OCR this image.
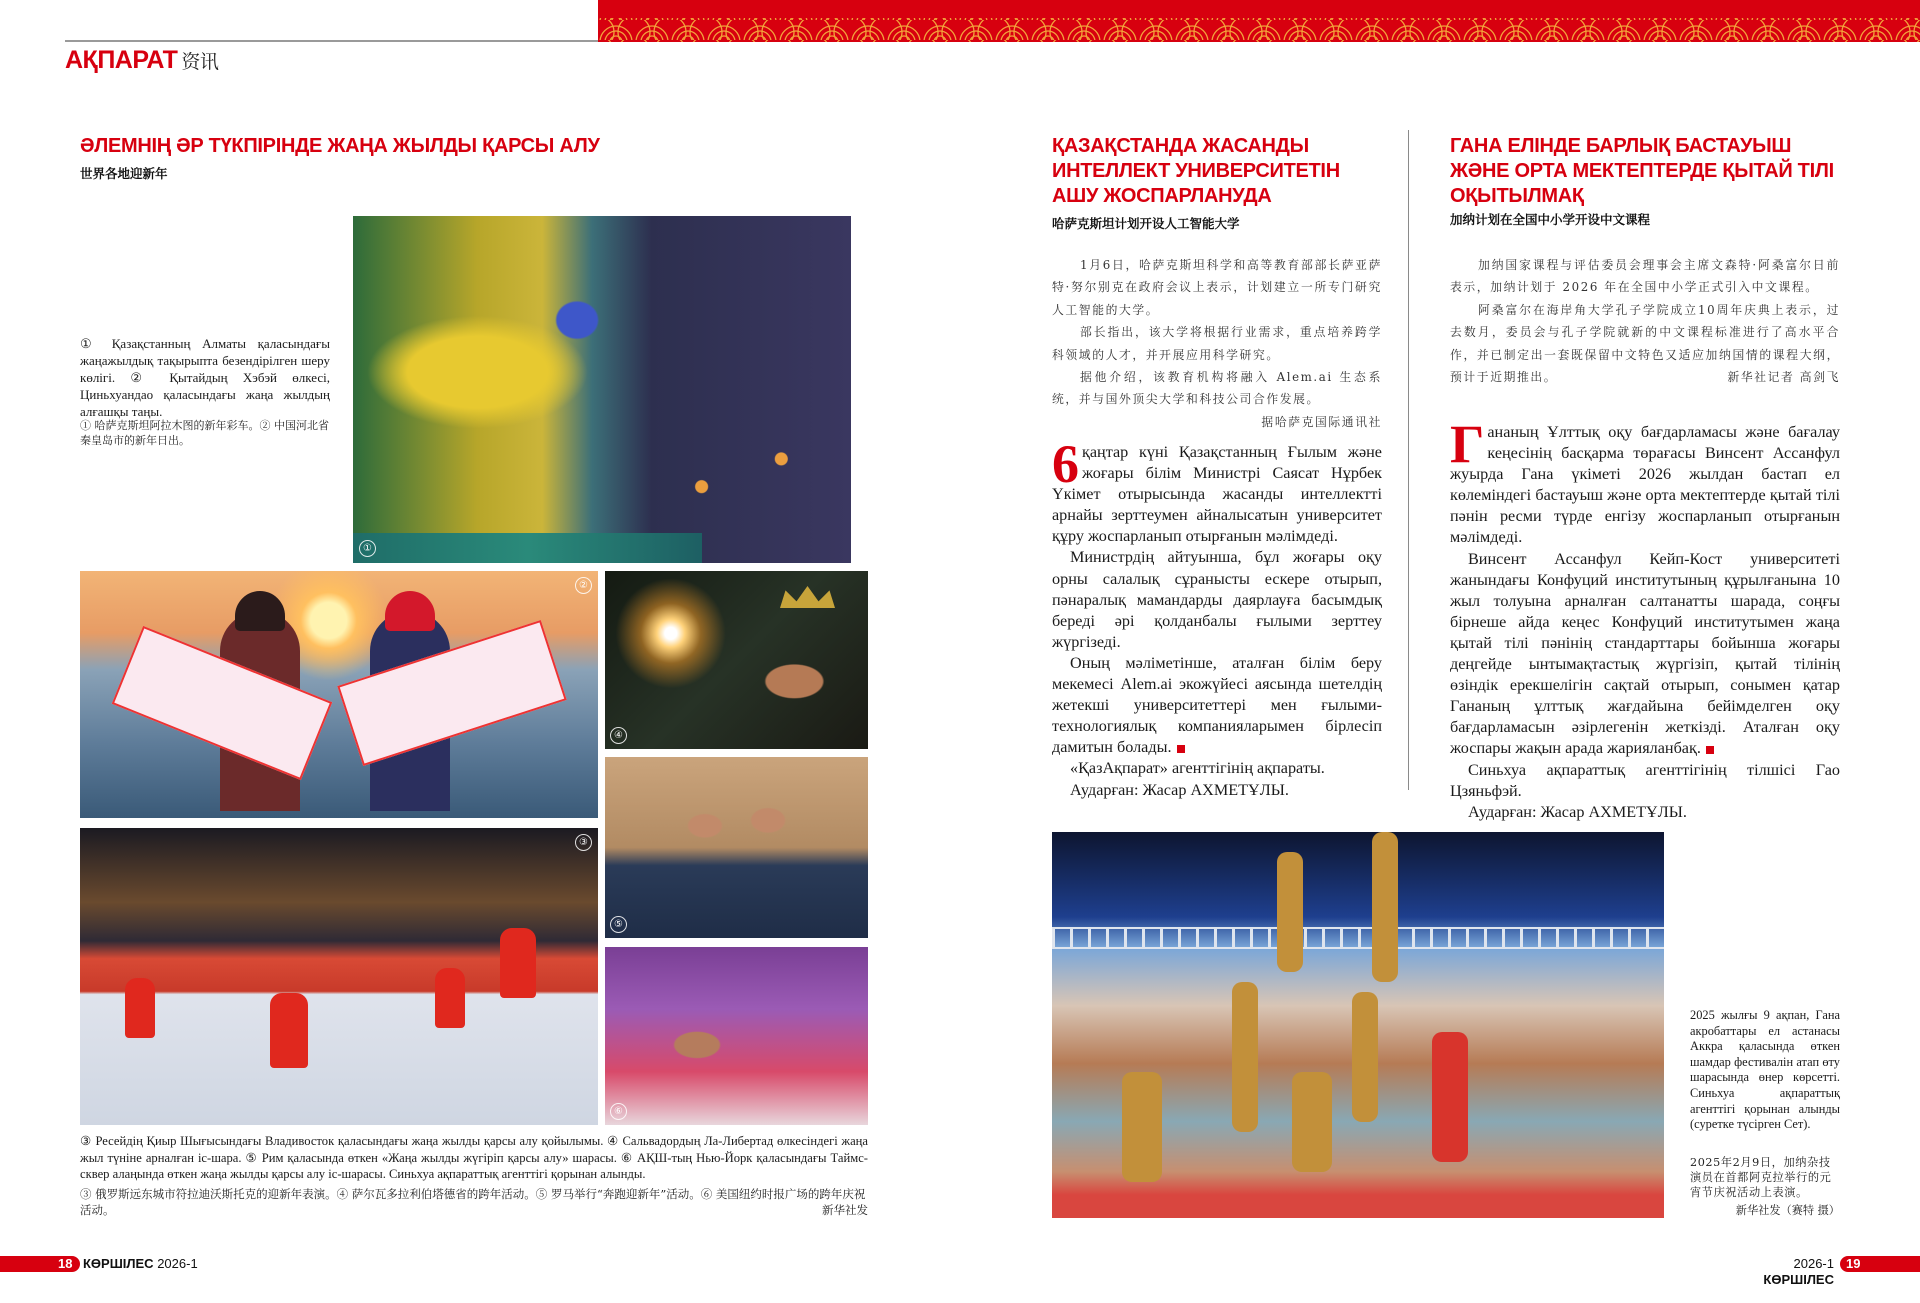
АҚПАРАТ 资讯
ӘЛЕМНІҢ ӘР ТҮКПІРІНДЕ ЖАҢА ЖЫЛДЫ ҚАРСЫ АЛУ
世界各地迎新年
① Қазақстанның Алматы қаласындағы жаңажылдық тақырыпта безендірілген шеру көлігі. ② Қытайдың Хэбэй өлкесі, Циньхуандао қаласындағы жаңа жылдың алғашқы таңы.
① 哈萨克斯坦阿拉木图的新年彩车。② 中国河北省秦皇岛市的新年日出。
①
②
③
④
⑤
⑥
③ Ресейдің Қиыр Шығысындағы Владивосток қаласындағы жаңа жылды қарсы алу қойылымы. ④ Сальвадордың Ла-Либертад өлкесіндегі жаңа жыл түніне арналған іс-шара. ⑤ Рим қаласында өткен «Жаңа жылды жүгіріп қарсы алу» шарасы. ⑥ АҚШ-тың Нью-Йорк қаласындағы Таймс-сквер алаңында өткен жаңа жылды қарсы алу іс-шарасы. Синьхуа ақпараттық агенттігі қорынан алынды.
③ 俄罗斯远东城市符拉迪沃斯托克的迎新年表演。④ 萨尔瓦多拉利伯塔德省的跨年活动。⑤ 罗马举行“奔跑迎新年”活动。⑥ 美国纽约时报广场的跨年庆祝活动。	新华社发
ҚАЗАҚСТАНДА ЖАСАНДЫ ИНТЕЛЛЕКТ УНИВЕРСИТЕТІН АШУ ЖОСПАРЛАНУДА
哈萨克斯坦计划开设人工智能大学

1月6日，哈萨克斯坦科学和高等教育部部长萨亚萨特·努尔别克在政府会议上表示，计划建立一所专门研究人工智能的大学。

部长指出，该大学将根据行业需求，重点培养跨学科领域的人才，并开展应用科学研究。

据他介绍，该教育机构将融入 Alem.ai 生态系统，并与国外顶尖大学和科技公司合作发展。

据哈萨克国际通讯社

6 қаңтар күні Қазақстанның Ғылым және жоғары білім Министрі Саясат Нұрбек Үкімет отырысында жасанды интеллектті арнайы зерттеумен айналысатын университет құру жоспарланып отырғанын мәлімдеді.

Министрдің айтуынша, бұл жоғары оқу орны салалық сұранысты ескере отырып, пәнаралық мамандарды даярлауға басымдық береді әрі қолданбалы ғылыми зерттеу жүргізеді.

Оның мәліметінше, аталған білім беру мекемесі Alem.ai экожүйесі аясында шетелдің жетекші университеттері мен ғылыми-технологиялық компанияларымен бірлесіп дамитын болады.

«ҚазАқпарат» агенттігінің ақпараты.

Аударған: Жасар АХМЕТҰЛЫ.

ГАНА ЕЛІНДЕ БАРЛЫҚ БАСТАУЫШ ЖӘНЕ ОРТА МЕКТЕПТЕРДЕ ҚЫТАЙ ТІЛІ ОҚЫТЫЛМАҚ
加纳计划在全国中小学开设中文课程

加纳国家课程与评估委员会理事会主席文森特·阿桑富尔日前表示，加纳计划于 2026 年在全国中小学正式引入中文课程。

阿桑富尔在海岸角大学孔子学院成立10周年庆典上表示，过去数月，委员会与孔子学院就新的中文课程标准进行了高水平合作，并已制定出一套既保留中文特色又适应加纳国情的课程大纲，预计于近期推出。	新华社记者 高剑飞

Гананың Ұлттық оқу бағдарламасы және бағалау кеңесінің басқарма төрағасы Винсент Ассанфул жуырда Гана үкіметі 2026 жылдан бастап ел көлеміндегі бастауыш және орта мектептерде қытай тілі пәнін ресми түрде енгізу жоспарланып отырғанын мәлімдеді.

Винсент Ассанфул Кейп-Кост университеті жанындағы Конфуций институтының құрылғанына 10 жыл толуына арналған салтанатты шарада, соңғы бірнеше айда кеңес Конфуций институтымен жаңа қытай тілі пәнінің стандарттары бойынша жоғары деңгейде ынтымақтастық жүргізіп, қытай тілінің өзіндік ерекшелігін сақтай отырып, сонымен қатар Гананың ұлттық жағдайына бейімделген оқу бағдарламасын әзірлегенін жеткізді. Аталған оқу жоспары жақын арада жарияланбақ.

Синьхуа ақпараттық агенттігінің тілшісі Гао Цзяньфэй.

Аударған: Жасар АХМЕТҰЛЫ.

2025 жылғы 9 ақпан, Гана акробаттары ел астанасы Аккра қаласында өткен шамдар фестивалін атап өту шарасында өнер көрсетті. Синьхуа ақпараттық агенттігі қорынан алынды (суретке түсірген Сет).
2025年2月9日，加纳杂技演员在首都阿克拉举行的元宵节庆祝活动上表演。
新华社发（赛特 摄）
18 КӨРШІЛЕС 2026-1	2026-1 КӨРШІЛЕС
19
